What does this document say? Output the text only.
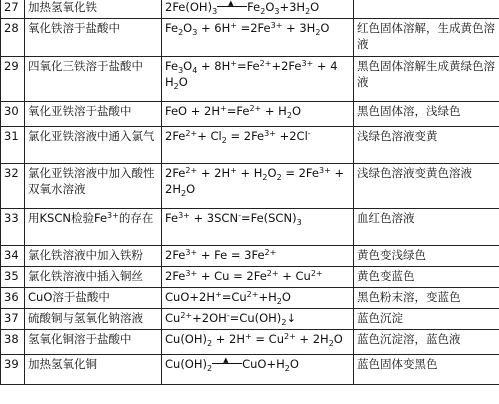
27	加热氢氧化铁	$2Fe(OH)_3▲$ $Fe_2O_3+3H_2O$	
28	氧化铁溶于盐酸中	$Fe_2O_3 + 6H^+ =2Fe^{3+} + 3H_2O$	红色固体溶解，生成黄色溶液
29	四氧化三铁溶于盐酸中	$Fe_3O_4 + 8H^+=Fe^{2+}+2Fe^{3+} + 4$ $H_2O$	黑色固体溶解生成黄绿色溶液
30	氧化亚铁溶于盐酸中	FeO + $2H^+=Fe^{2+} + H_2O$	黑色固体溶，浅绿色
31	氯化亚铁溶液中通入氯气	$2Fe^{2+}+ Cl_2 = 2Fe^{3+} +2Cl^-$	浅绿色溶液变黄
32	氯化亚铁溶液中加入酸性双氧水溶液	$2Fe^{2+} + 2H^+ + H_2O_2 = 2Fe^{3+} + 2H_2O$	浅绿色溶液变黄色溶液
33	用KSCN检验$Fe^{3+}$的存在	$Fe^{3+} + 3SCN^-=Fe(SCN)_3$	血红色溶液
34	氯化铁溶液中加入铁粉	$2Fe^{3+} + Fe = 3Fe^{2+}$	黄色变浅绿色
35	氯化铁溶液中插入铜丝	$2Fe^{3+} + Cu = 2Fe^{2+} + Cu^{2+}$	黄色变蓝色
36	CuO溶于盐酸中	$CuO+2H^+=Cu^{2+}+H_2O$	黑色粉末溶，变蓝色
37	硫酸铜与氢氧化钠溶液	$Cu^{2+}+2OH^-=Cu(OH)_2↓$	蓝色沉淀
38	氢氧化铜溶于盐酸中	$Cu(OH)_2 + 2H^+ = Cu^{2+} + 2H_2O$	蓝色沉淀溶，蓝色液
39	加热氢氧化铜	$Cu(OH)_2$ ▲ $CuO+H_2O$	蓝色固体变黑色
